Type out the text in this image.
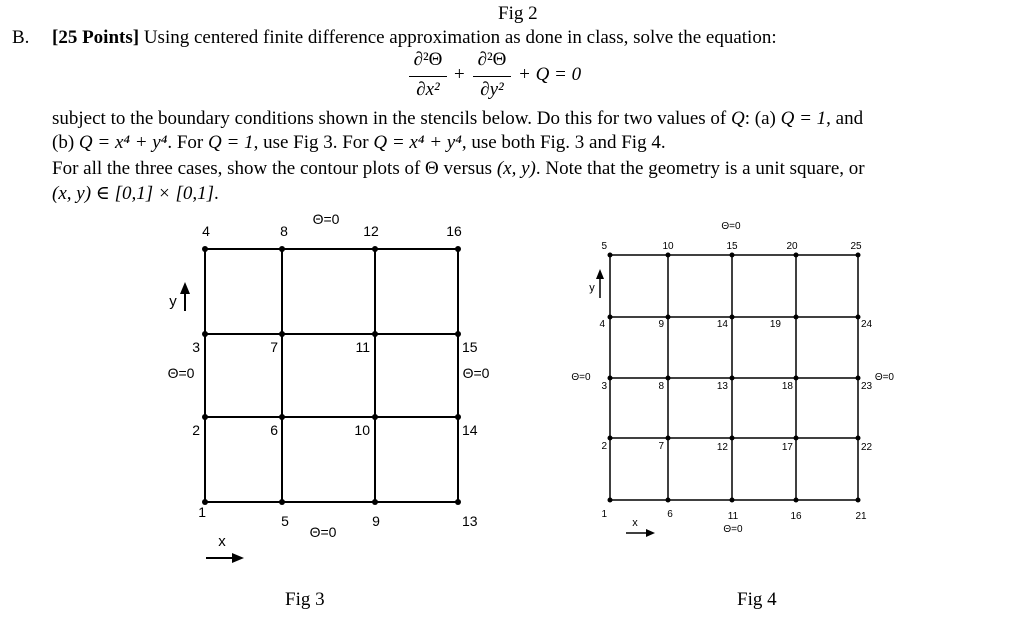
Fig 2
B. [25 Points] Using centered finite difference approximation as done in class, solve the equation:
∂²Θ
∂x²
+
∂²Θ
∂y²
+ Q = 0
subject to the boundary conditions shown in the stencils below. Do this for two values of Q: (a) Q = 1, and
(b) Q = x⁴ + y⁴. For Q = 1, use Fig 3. For Q = x⁴ + y⁴, use both Fig. 3 and Fig 4.
For all the three cases, show the contour plots of Θ versus (x, y). Note that the geometry is a unit square, or
(x, y) ∈ [0,1] × [0,1].
1
2
3
4
5
6
7
8
9
10
11
12
13
14
15
16
Θ=0
Θ=0	Θ=0
Θ=0
y
x
Fig 3
1
2
3
4
5
6
7
8
9
10
11
12
13
14
15
16
17
18
19
20
21
22
23
24
25
Θ=0
Θ=0	Θ=0
Θ=0
y
x
Fig 4
